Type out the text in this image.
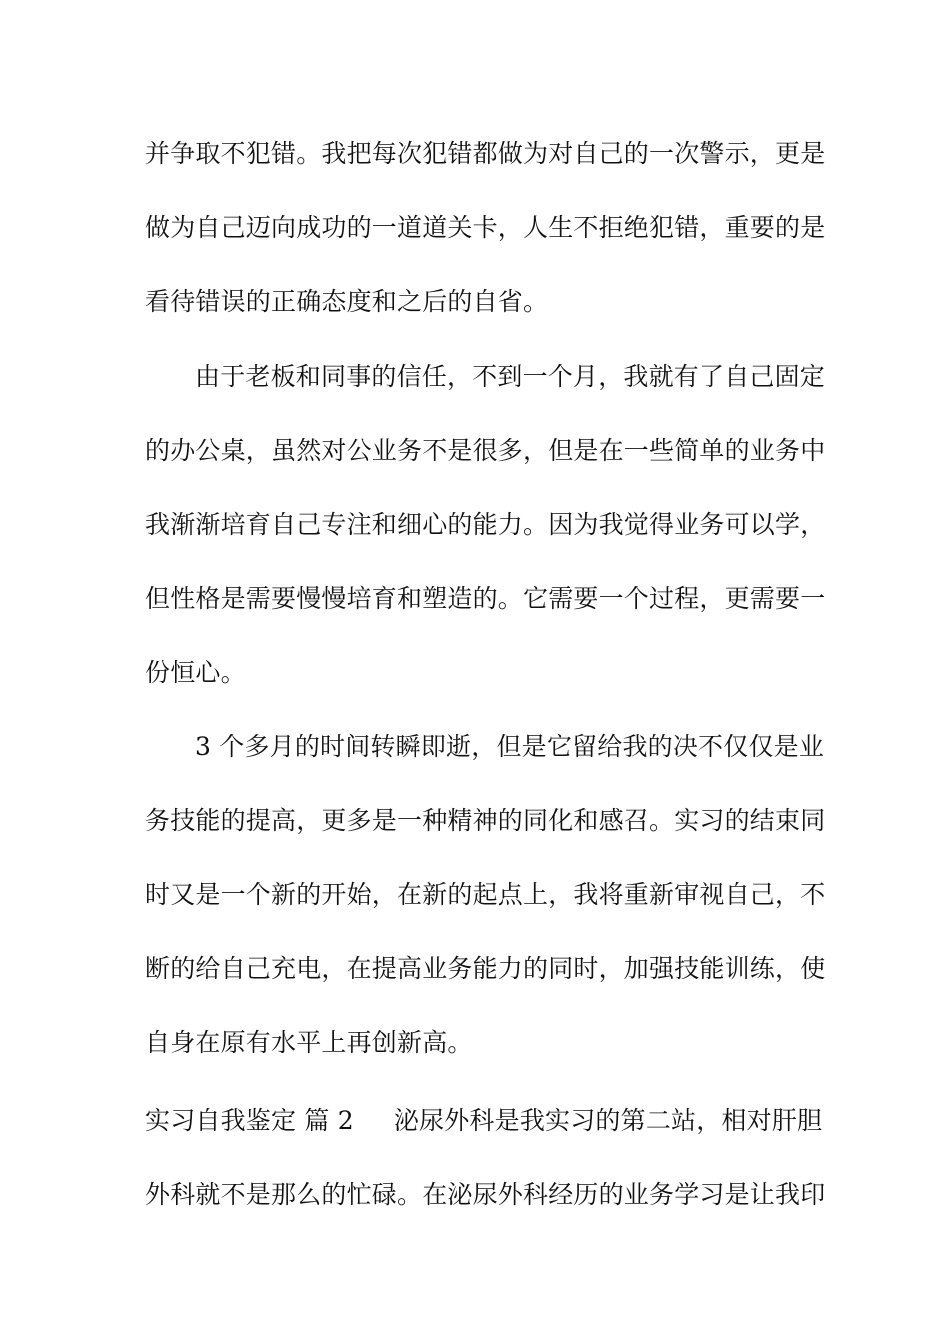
并争取不犯错。我把每次犯错都做为对自己的一次警示，更是
做为自己迈向成功的一道道关卡，人生不拒绝犯错，重要的是
看待错误的正确态度和之后的自省。
由于老板和同事的信任，不到一个月，我就有了自己固定
的办公桌，虽然对公业务不是很多，但是在一些简单的业务中
我渐渐培育自己专注和细心的能力。因为我觉得业务可以学，
但性格是需要慢慢培育和塑造的。它需要一个过程，更需要一
份恒心。
3 个多月的时间转瞬即逝，但是它留给我的决不仅仅是业
务技能的提高，更多是一种精神的同化和感召。实习的结束同
时又是一个新的开始，在新的起点上，我将重新审视自己，不
断的给自己充电，在提高业务能力的同时，加强技能训练，使
自身在原有水平上再创新高。
实习自我鉴定 篇 2 泌尿外科是我实习的第二站，相对肝胆
外科就不是那么的忙碌。在泌尿外科经历的业务学习是让我印
